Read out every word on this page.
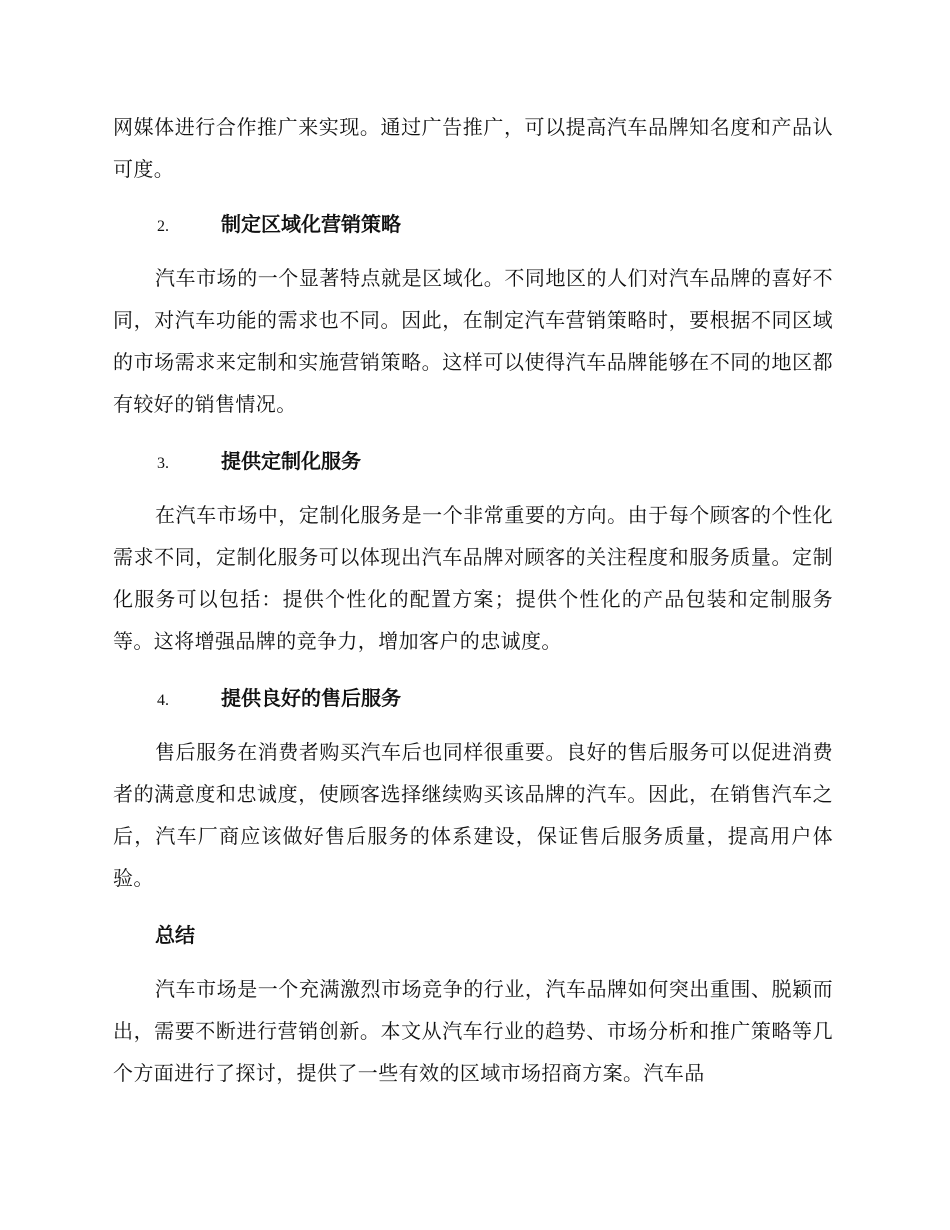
网媒体进行合作推广来实现。通过广告推广，可以提高汽车品牌知名度和产品认可度。

2.	制定区域化营销策略

汽车市场的一个显著特点就是区域化。不同地区的人们对汽车品牌的喜好不同，对汽车功能的需求也不同。因此，在制定汽车营销策略时，要根据不同区域的市场需求来定制和实施营销策略。这样可以使得汽车品牌能够在不同的地区都有较好的销售情况。

3.	提供定制化服务

在汽车市场中，定制化服务是一个非常重要的方向。由于每个顾客的个性化需求不同，定制化服务可以体现出汽车品牌对顾客的关注程度和服务质量。定制化服务可以包括：提供个性化的配置方案；提供个性化的产品包装和定制服务等。这将增强品牌的竞争力，增加客户的忠诚度。

4.	提供良好的售后服务

售后服务在消费者购买汽车后也同样很重要。良好的售后服务可以促进消费者的满意度和忠诚度，使顾客选择继续购买该品牌的汽车。因此，在销售汽车之后，汽车厂商应该做好售后服务的体系建设，保证售后服务质量，提高用户体验。

总结

汽车市场是一个充满激烈市场竞争的行业，汽车品牌如何突出重围、脱颖而出，需要不断进行营销创新。本文从汽车行业的趋势、市场分析和推广策略等几个方面进行了探讨，提供了一些有效的区域市场招商方案。汽车品
